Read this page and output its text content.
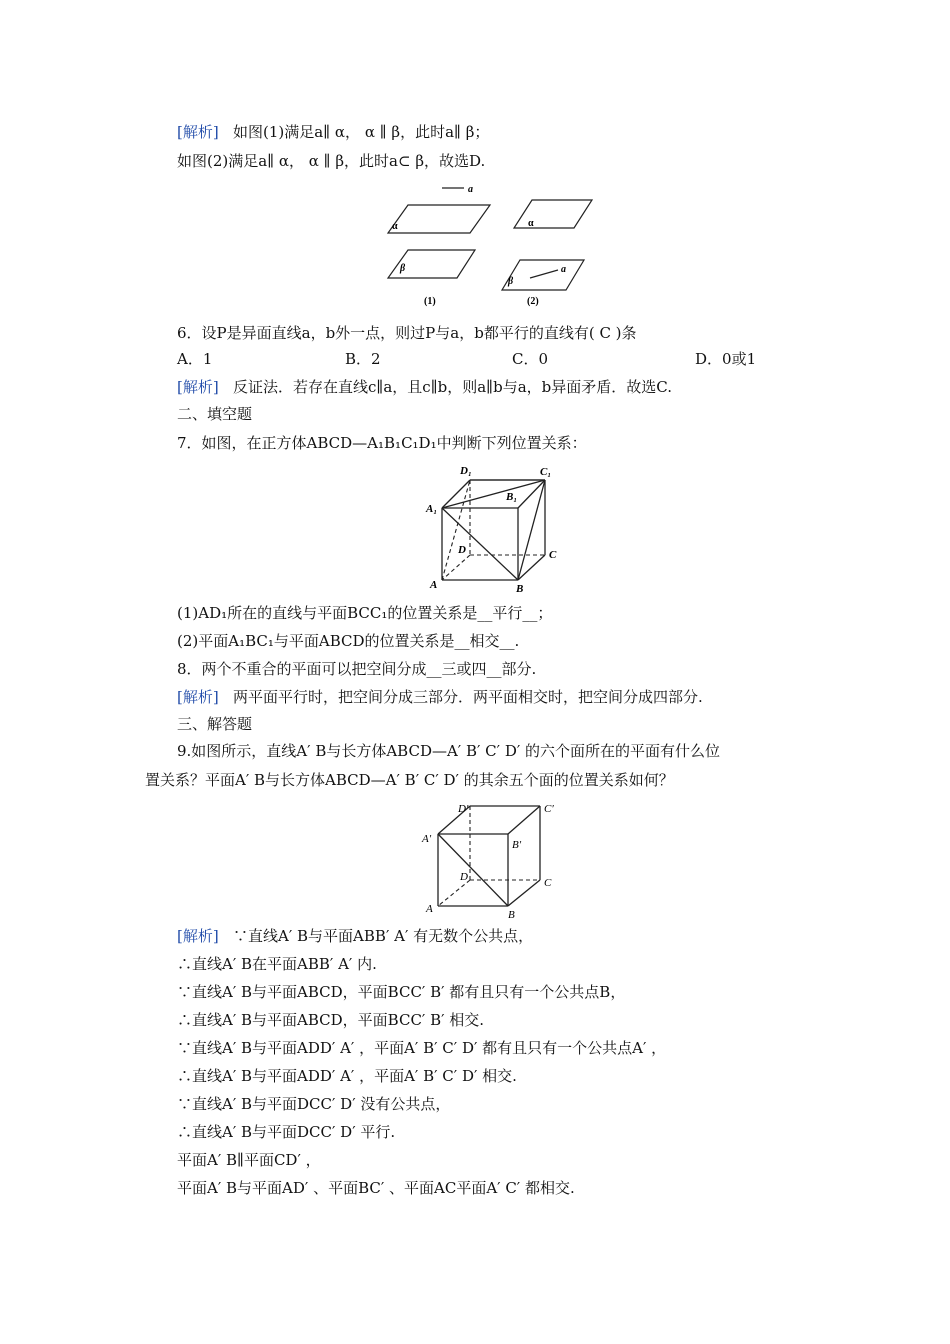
[解析] 如图(1)满足a∥ α， α ∥ β，此时a∥ β；
如图(2)满足a∥ α， α ∥ β，此时a⊂ β，故选D.
a
α
β
(1)
α
β
a
(2)
6．设P是异面直线a，b外一点，则过P与a，b都平行的直线有( C )条
A．1	B．2	C．0	D．0或1
[解析] 反证法．若存在直线c∥a，且c∥b，则a∥b与a，b异面矛盾．故选C.
二、填空题
7．如图，在正方体ABCD—A₁B₁C₁D₁中判断下列位置关系：
D₁	C₁
B₁
A₁
D	C
A	B
(1)AD₁所在的直线与平面BCC₁的位置关系是__平行__；
(2)平面A₁BC₁与平面ABCD的位置关系是__相交__.
8．两个不重合的平面可以把空间分成__三或四__部分.
[解析] 两平面平行时，把空间分成三部分．两平面相交时，把空间分成四部分.
三、解答题
9.如图所示，直线A′ B与长方体ABCD—A′ B′ C′ D′ 的六个面所在的平面有什么位
置关系？平面A′ B与长方体ABCD—A′ B′ C′ D′ 的其余五个面的位置关系如何？
D′	C′
A′	B′
D	C
A	B
[解析] ∵直线A′ B与平面ABB′ A′ 有无数个公共点，
∴直线A′ B在平面ABB′ A′ 内.
∵直线A′ B与平面ABCD，平面BCC′ B′ 都有且只有一个公共点B，
∴直线A′ B与平面ABCD，平面BCC′ B′ 相交.
∵直线A′ B与平面ADD′ A′ ，平面A′ B′ C′ D′ 都有且只有一个公共点A′ ，
∴直线A′ B与平面ADD′ A′ ，平面A′ B′ C′ D′ 相交.
∵直线A′ B与平面DCC′ D′ 没有公共点，
∴直线A′ B与平面DCC′ D′ 平行.
平面A′ B∥平面CD′ ，
平面A′ B与平面AD′ 、平面BC′ 、平面AC平面A′ C′ 都相交.
